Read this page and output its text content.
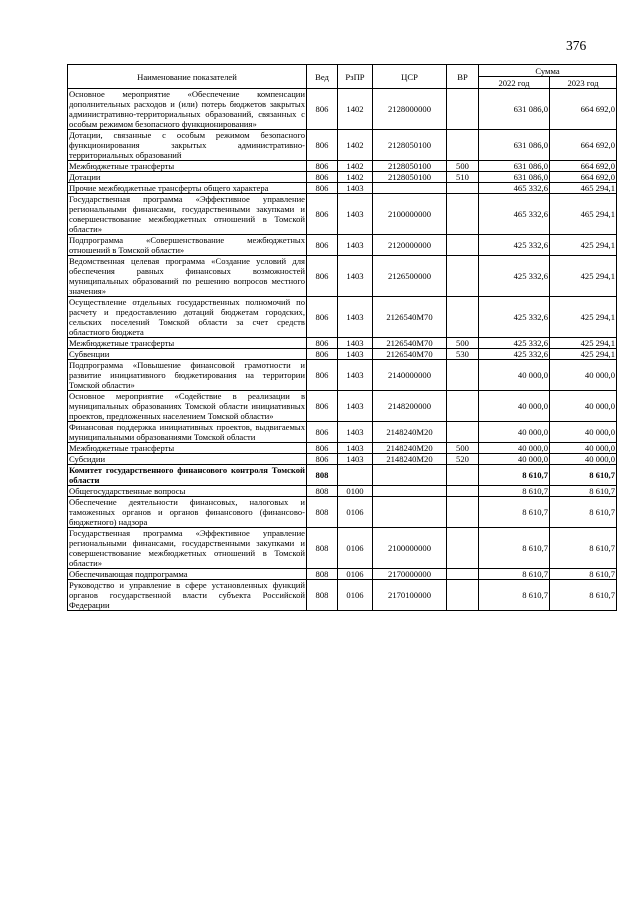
376
Наименование показателей	Вед	РзПР	ЦСР	ВР	Сумма	
					2022 год	2023 год
Основное мероприятие «Обеспечение компенсации дополнительных расходов и (или) потерь бюджетов закрытых административно-территориальных образований, связанных с особым режимом безопасного функционирования»	806	1402	2128000000		631 086,0	664 692,0
Дотации, связанные с особым режимом безопасного функционирования закрытых административно-территориальных образований	806	1402	2128050100		631 086,0	664 692,0
Межбюджетные трансферты	806	1402	2128050100	500	631 086,0	664 692,0
Дотации	806	1402	2128050100	510	631 086,0	664 692,0
Прочие межбюджетные трансферты общего характера	806	1403			465 332,6	465 294,1
Государственная программа «Эффективное управление региональными финансами, государственными закупками и совершенствование межбюджетных отношений в Томской области»	806	1403	2100000000		465 332,6	465 294,1
Подпрограмма «Совершенствование межбюджетных отношений в Томской области»	806	1403	2120000000		425 332,6	425 294,1
Ведомственная целевая программа «Создание условий для обеспечения равных финансовых возможностей муниципальных образований по решению вопросов местного значения»	806	1403	2126500000		425 332,6	425 294,1
Осуществление отдельных государственных полномочий по расчету и предоставлению дотаций бюджетам городских, сельских поселений Томской области за счет средств областного бюджета	806	1403	2126540М70		425 332,6	425 294,1
Межбюджетные трансферты	806	1403	2126540М70	500	425 332,6	425 294,1
Субвенции	806	1403	2126540М70	530	425 332,6	425 294,1
Подпрограмма «Повышение финансовой грамотности и развитие инициативного бюджетирования на территории Томской области»	806	1403	2140000000		40 000,0	40 000,0
Основное мероприятие «Содействие в реализации в муниципальных образованиях Томской области инициативных проектов, предложенных населением Томской области»	806	1403	2148200000		40 000,0	40 000,0
Финансовая поддержка инициативных проектов, выдвигаемых муниципальными образованиями Томской области	806	1403	2148240М20		40 000,0	40 000,0
Межбюджетные трансферты	806	1403	2148240М20	500	40 000,0	40 000,0
Субсидии	806	1403	2148240М20	520	40 000,0	40 000,0
Комитет государственного финансового контроля Томской области	808				8 610,7	8 610,7
Общегосударственные вопросы	808	0100			8 610,7	8 610,7
Обеспечение деятельности финансовых, налоговых и таможенных органов и органов финансового (финансово-бюджетного) надзора	808	0106			8 610,7	8 610,7
Государственная программа «Эффективное управление региональными финансами, государственными закупками и совершенствование межбюджетных отношений в Томской области»	808	0106	2100000000		8 610,7	8 610,7
Обеспечивающая подпрограмма	808	0106	2170000000		8 610,7	8 610,7
Руководство и управление в сфере установленных функций органов государственной власти субъекта Российской Федерации	808	0106	2170100000		8 610,7	8 610,7
